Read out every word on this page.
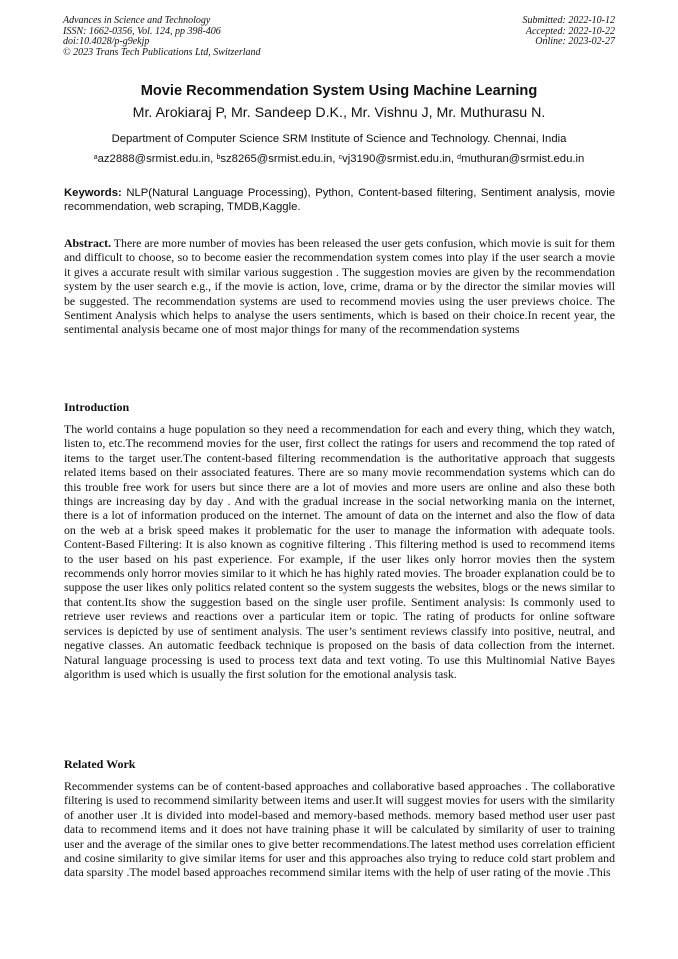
Advances in Science and Technology
ISSN: 1662-0356, Vol. 124, pp 398-406
doi:10.4028/p-g9ekjp
© 2023 Trans Tech Publications Ltd, Switzerland
Submitted: 2022-10-12
Accepted: 2022-10-22
Online: 2023-02-27
Movie Recommendation System Using Machine Learning
Mr. Arokiaraj P, Mr. Sandeep D.K., Mr. Vishnu J, Mr. Muthurasu N.
Department of Computer Science SRM Institute of Science and Technology. Chennai, India
$^a$az2888@srmist.edu.in, $^b$sz8265@srmist.edu.in, $^c$vj3190@srmist.edu.in, $^d$muthuran@srmist.edu.in
Keywords: NLP(Natural Language Processing), Python, Content-based filtering, Sentiment analysis, movie recommendation, web scraping, TMDB,Kaggle.
Abstract. There are more number of movies has been released the user gets confusion, which movie is suit for them and difficult to choose, so to become easier the recommendation system comes into play if the user search a movie it gives a accurate result with similar various suggestion . The suggestion movies are given by the recommendation system by the user search e.g., if the movie is action, love, crime, drama or by the director the similar movies will be suggested. The recommendation systems are used to recommend movies using the user previews choice. The Sentiment Analysis which helps to analyse the users sentiments, which is based on their choice.In recent year, the sentimental analysis became one of most major things for many of the recommendation systems
Introduction
The world contains a huge population so they need a recommendation for each and every thing, which they watch, listen to, etc.The recommend movies for the user, first collect the ratings for users and recommend the top rated of items to the target user.The content-based filtering recommendation is the authoritative approach that suggests related items based on their associated features. There are so many movie recommendation systems which can do this trouble free work for users but since there are a lot of movies and more users are online and also these both things are increasing day by day . And with the gradual increase in the social networking mania on the internet, there is a lot of information produced on the internet. The amount of data on the internet and also the flow of data on the web at a brisk speed makes it problematic for the user to manage the information with adequate tools. Content-Based Filtering: It is also known as cognitive filtering . This filtering method is used to recommend items to the user based on his past experience. For example, if the user likes only horror movies then the system recommends only horror movies similar to it which he has highly rated movies. The broader explanation could be to suppose the user likes only politics related content so the system suggests the websites, blogs or the news similar to that content.Its show the suggestion based on the single user profile. Sentiment analysis: Is commonly used to retrieve user reviews and reactions over a particular item or topic. The rating of products for online software services is depicted by use of sentiment analysis. The user’s sentiment reviews classify into positive, neutral, and negative classes. An automatic feedback technique is proposed on the basis of data collection from the internet. Natural language processing is used to process text data and text voting. To use this Multinomial Native Bayes algorithm is used which is usually the first solution for the emotional analysis task.
Related Work
Recommender systems can be of content-based approaches and collaborative based approaches . The collaborative filtering is used to recommend similarity between items and user.It will suggest movies for users with the similarity of another user .It is divided into model-based and memory-based methods. memory based method user user past data to recommend items and it does not have training phase it will be calculated by similarity of user to training user and the average of the similar ones to give better recommendations.The latest method uses correlation efficient and cosine similarity to give similar items for user and this approaches also trying to reduce cold start problem and data sparsity .The model based approaches recommend similar items with the help of user rating of the movie .This
